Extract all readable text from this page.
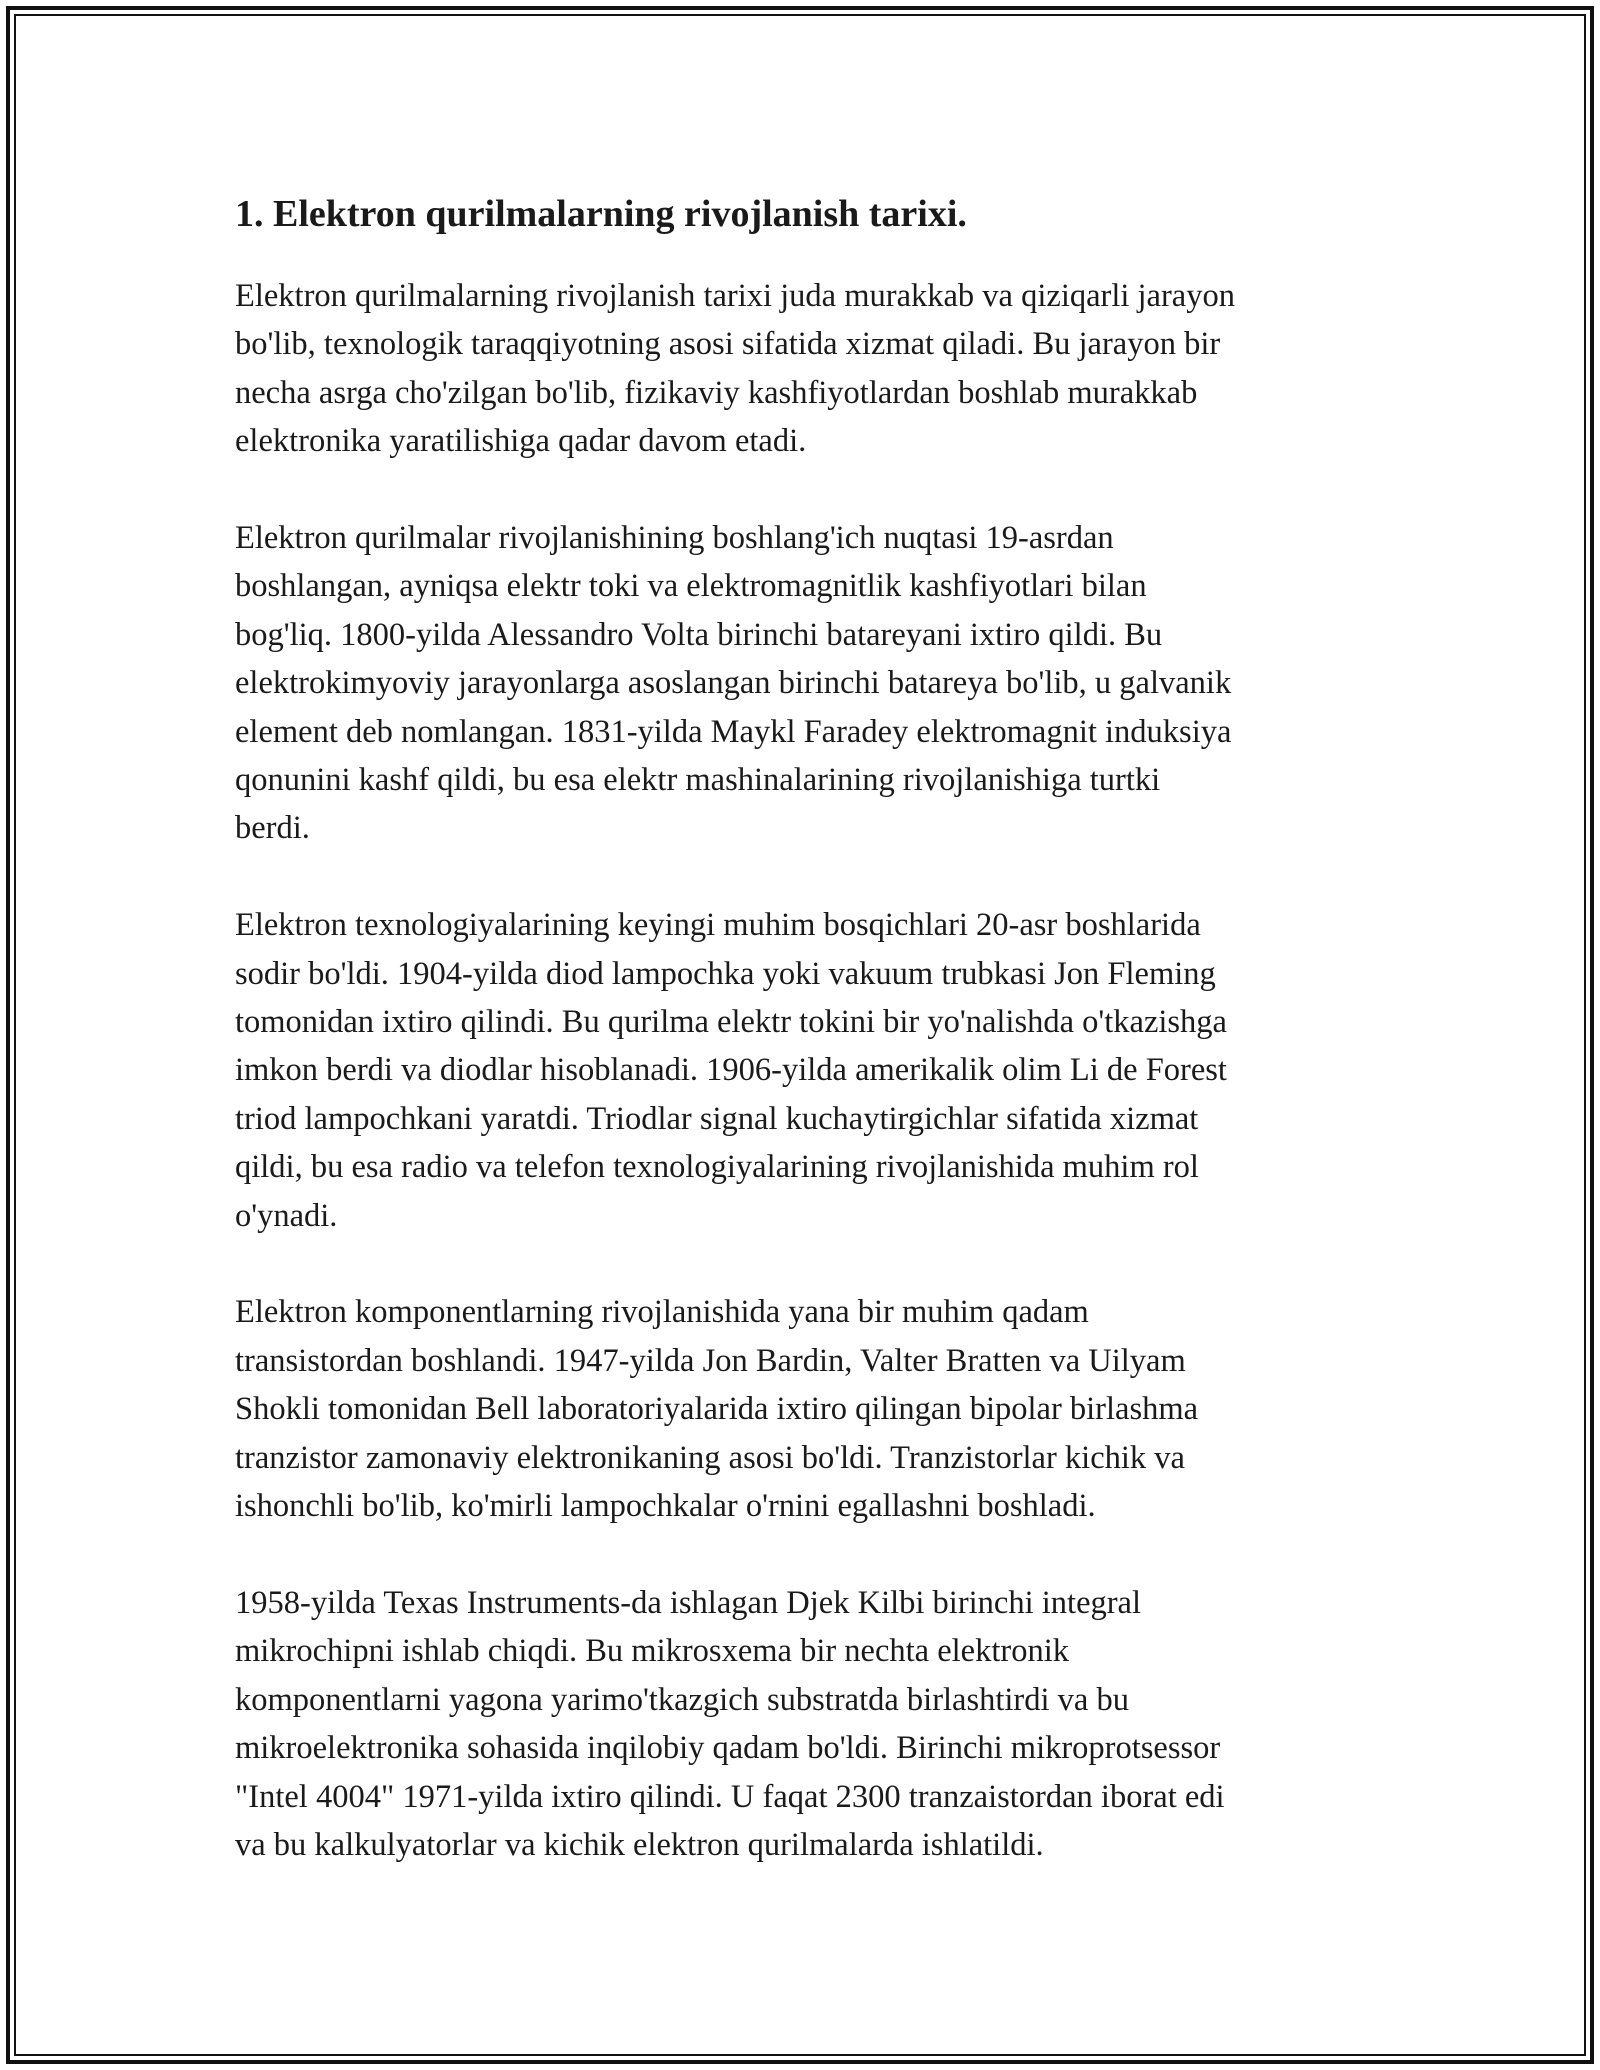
1. Elektron qurilmalarning rivojlanish tarixi.

Elektron qurilmalarning rivojlanish tarixi juda murakkab va qiziqarli jarayon
bo'lib, texnologik taraqqiyotning asosi sifatida xizmat qiladi. Bu jarayon bir
necha asrga cho'zilgan bo'lib, fizikaviy kashfiyotlardan boshlab murakkab
elektronika yaratilishiga qadar davom etadi.

Elektron qurilmalar rivojlanishining boshlang'ich nuqtasi 19-asrdan
boshlangan, ayniqsa elektr toki va elektromagnitlik kashfiyotlari bilan
bog'liq. 1800-yilda Alessandro Volta birinchi batareyani ixtiro qildi. Bu
elektrokimyoviy jarayonlarga asoslangan birinchi batareya bo'lib, u galvanik
element deb nomlangan. 1831-yilda Maykl Faradey elektromagnit induksiya
qonunini kashf qildi, bu esa elektr mashinalarining rivojlanishiga turtki
berdi.

Elektron texnologiyalarining keyingi muhim bosqichlari 20-asr boshlarida
sodir bo'ldi. 1904-yilda diod lampochka yoki vakuum trubkasi Jon Fleming
tomonidan ixtiro qilindi. Bu qurilma elektr tokini bir yo'nalishda o'tkazishga
imkon berdi va diodlar hisoblanadi. 1906-yilda amerikalik olim Li de Forest
triod lampochkani yaratdi. Triodlar signal kuchaytirgichlar sifatida xizmat
qildi, bu esa radio va telefon texnologiyalarining rivojlanishida muhim rol
o'ynadi.

Elektron komponentlarning rivojlanishida yana bir muhim qadam
transistordan boshlandi. 1947-yilda Jon Bardin, Valter Bratten va Uilyam
Shokli tomonidan Bell laboratoriyalarida ixtiro qilingan bipolar birlashma
tranzistor zamonaviy elektronikaning asosi bo'ldi. Tranzistorlar kichik va
ishonchli bo'lib, ko'mirli lampochkalar o'rnini egallashni boshladi.

1958-yilda Texas Instruments-da ishlagan Djek Kilbi birinchi integral
mikrochipni ishlab chiqdi. Bu mikrosxema bir nechta elektronik
komponentlarni yagona yarimo'tkazgich substratda birlashtirdi va bu
mikroelektronika sohasida inqilobiy qadam bo'ldi. Birinchi mikroprotsessor
"Intel 4004" 1971-yilda ixtiro qilindi. U faqat 2300 tranzaistordan iborat edi
va bu kalkulyatorlar va kichik elektron qurilmalarda ishlatildi.
